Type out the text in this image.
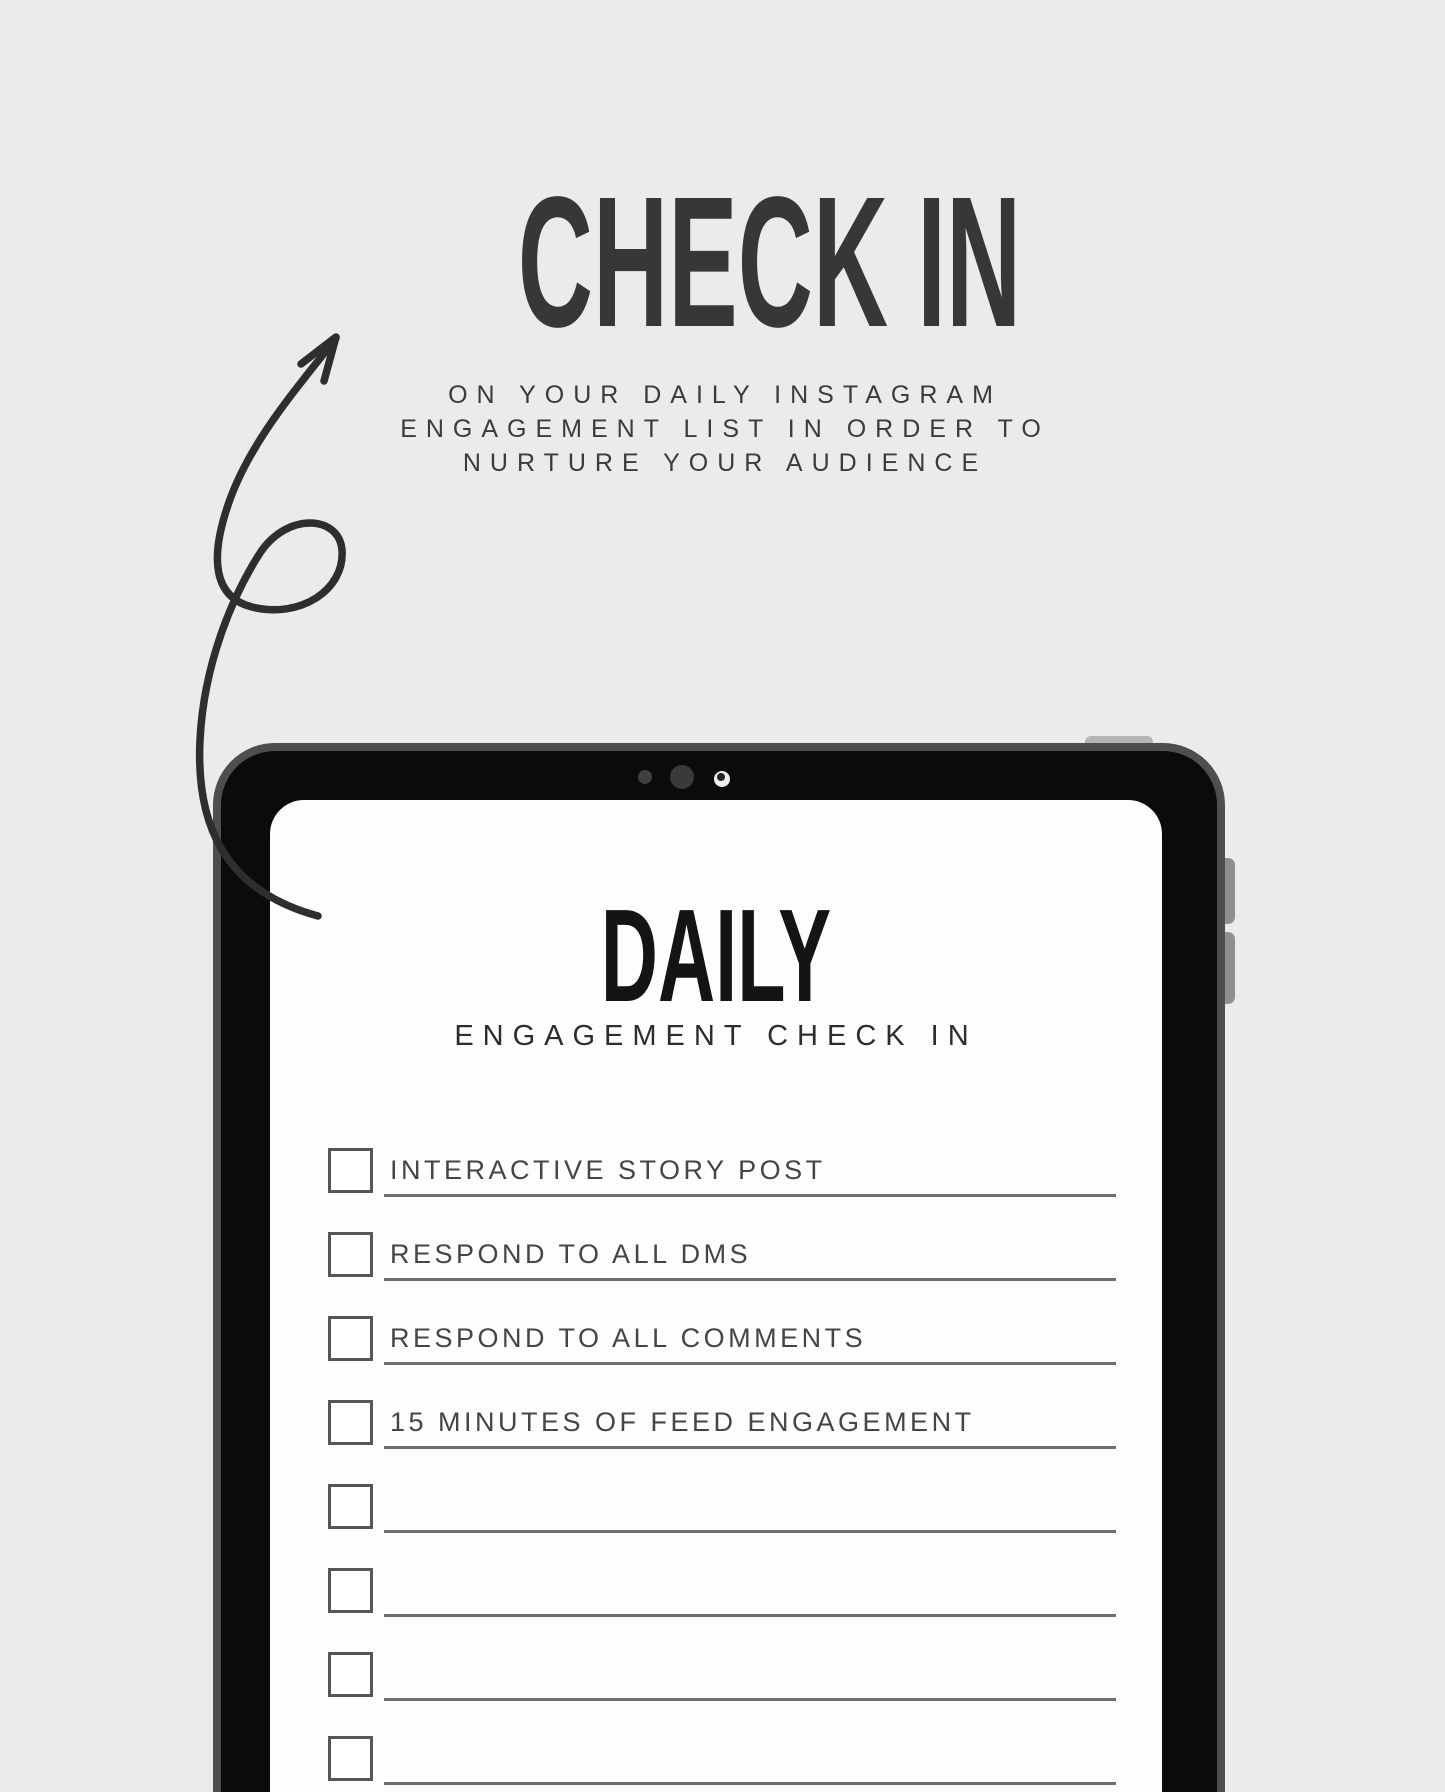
CHECK IN
ON YOUR DAILY INSTAGRAM
ENGAGEMENT LIST IN ORDER TO
NURTURE YOUR AUDIENCE
DAILY
ENGAGEMENT CHECK IN
INTERACTIVE STORY POST
RESPOND TO ALL DMS
RESPOND TO ALL COMMENTS
15 MINUTES OF FEED ENGAGEMENT
